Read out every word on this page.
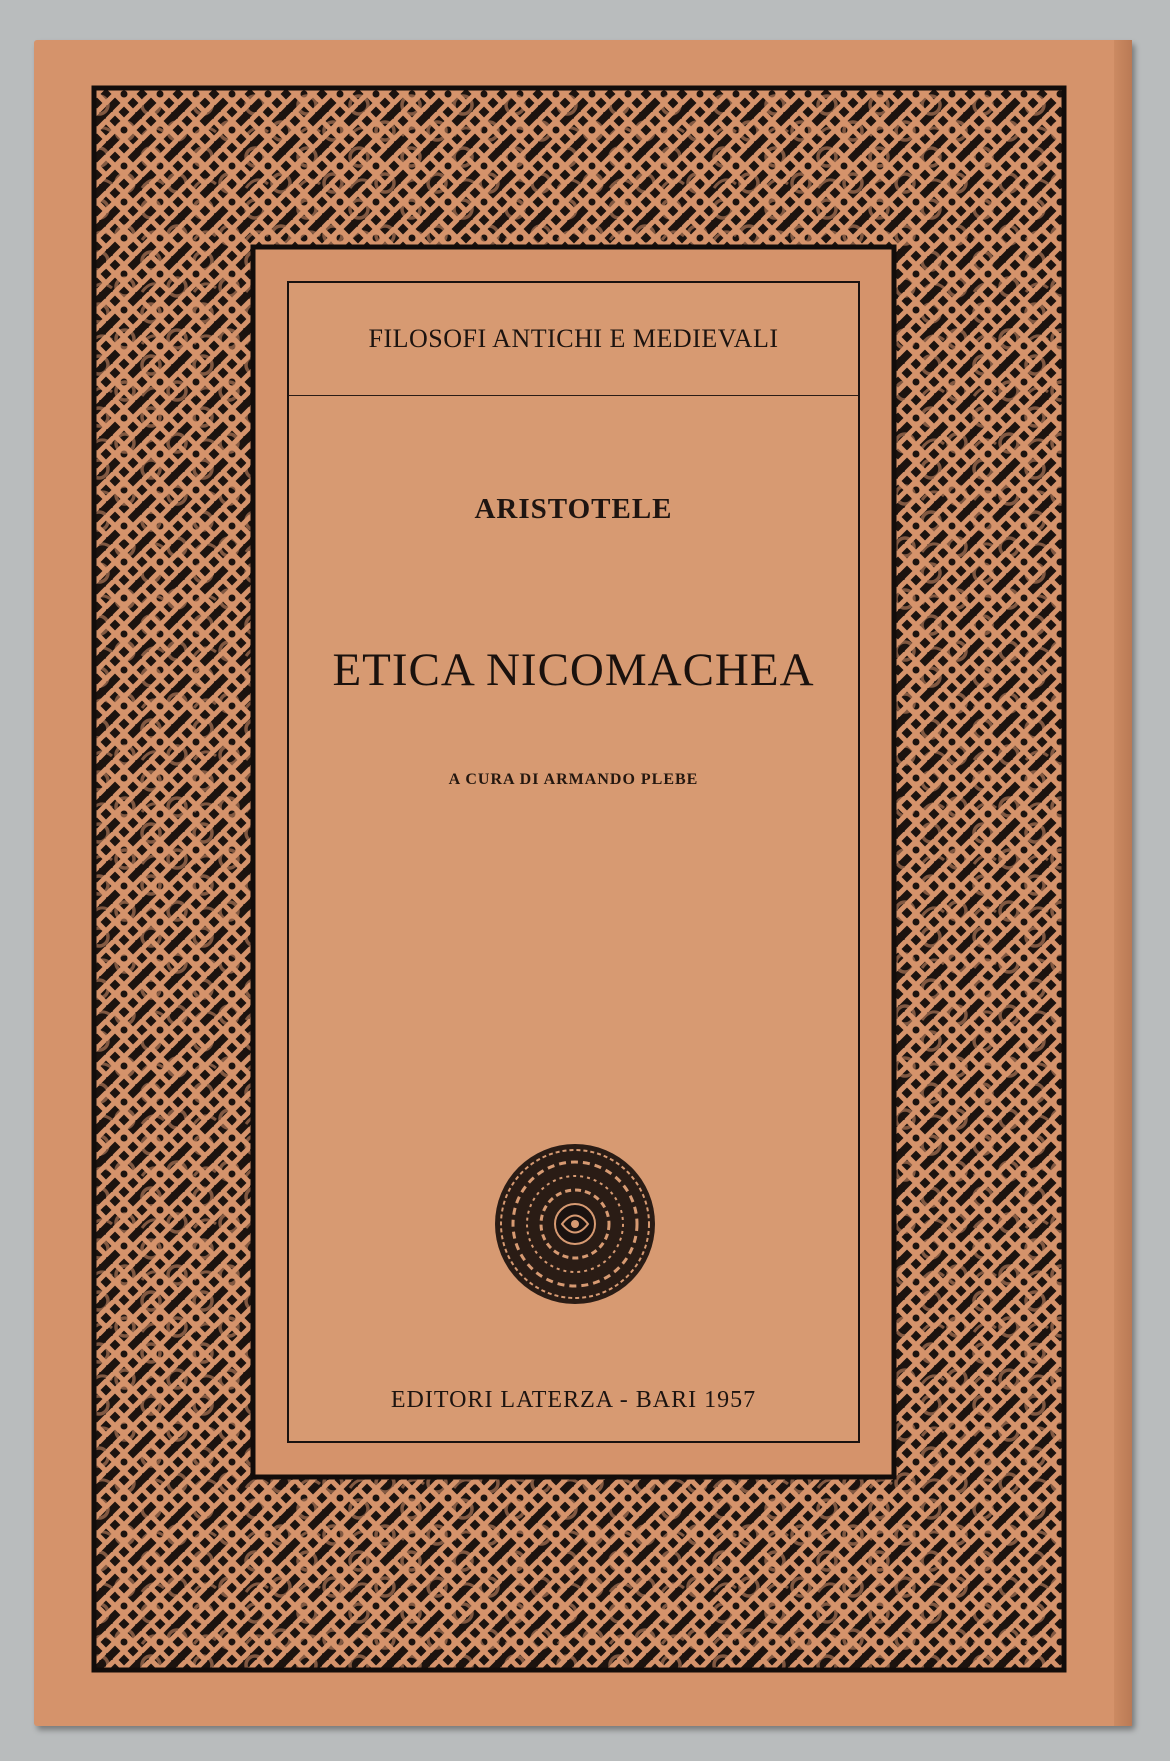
FILOSOFI ANTICHI E MEDIEVALI
ARISTOTELE
ETICA NICOMACHEA
A CURA DI ARMANDO PLEBE
EDITORI LATERZA - BARI 1957
